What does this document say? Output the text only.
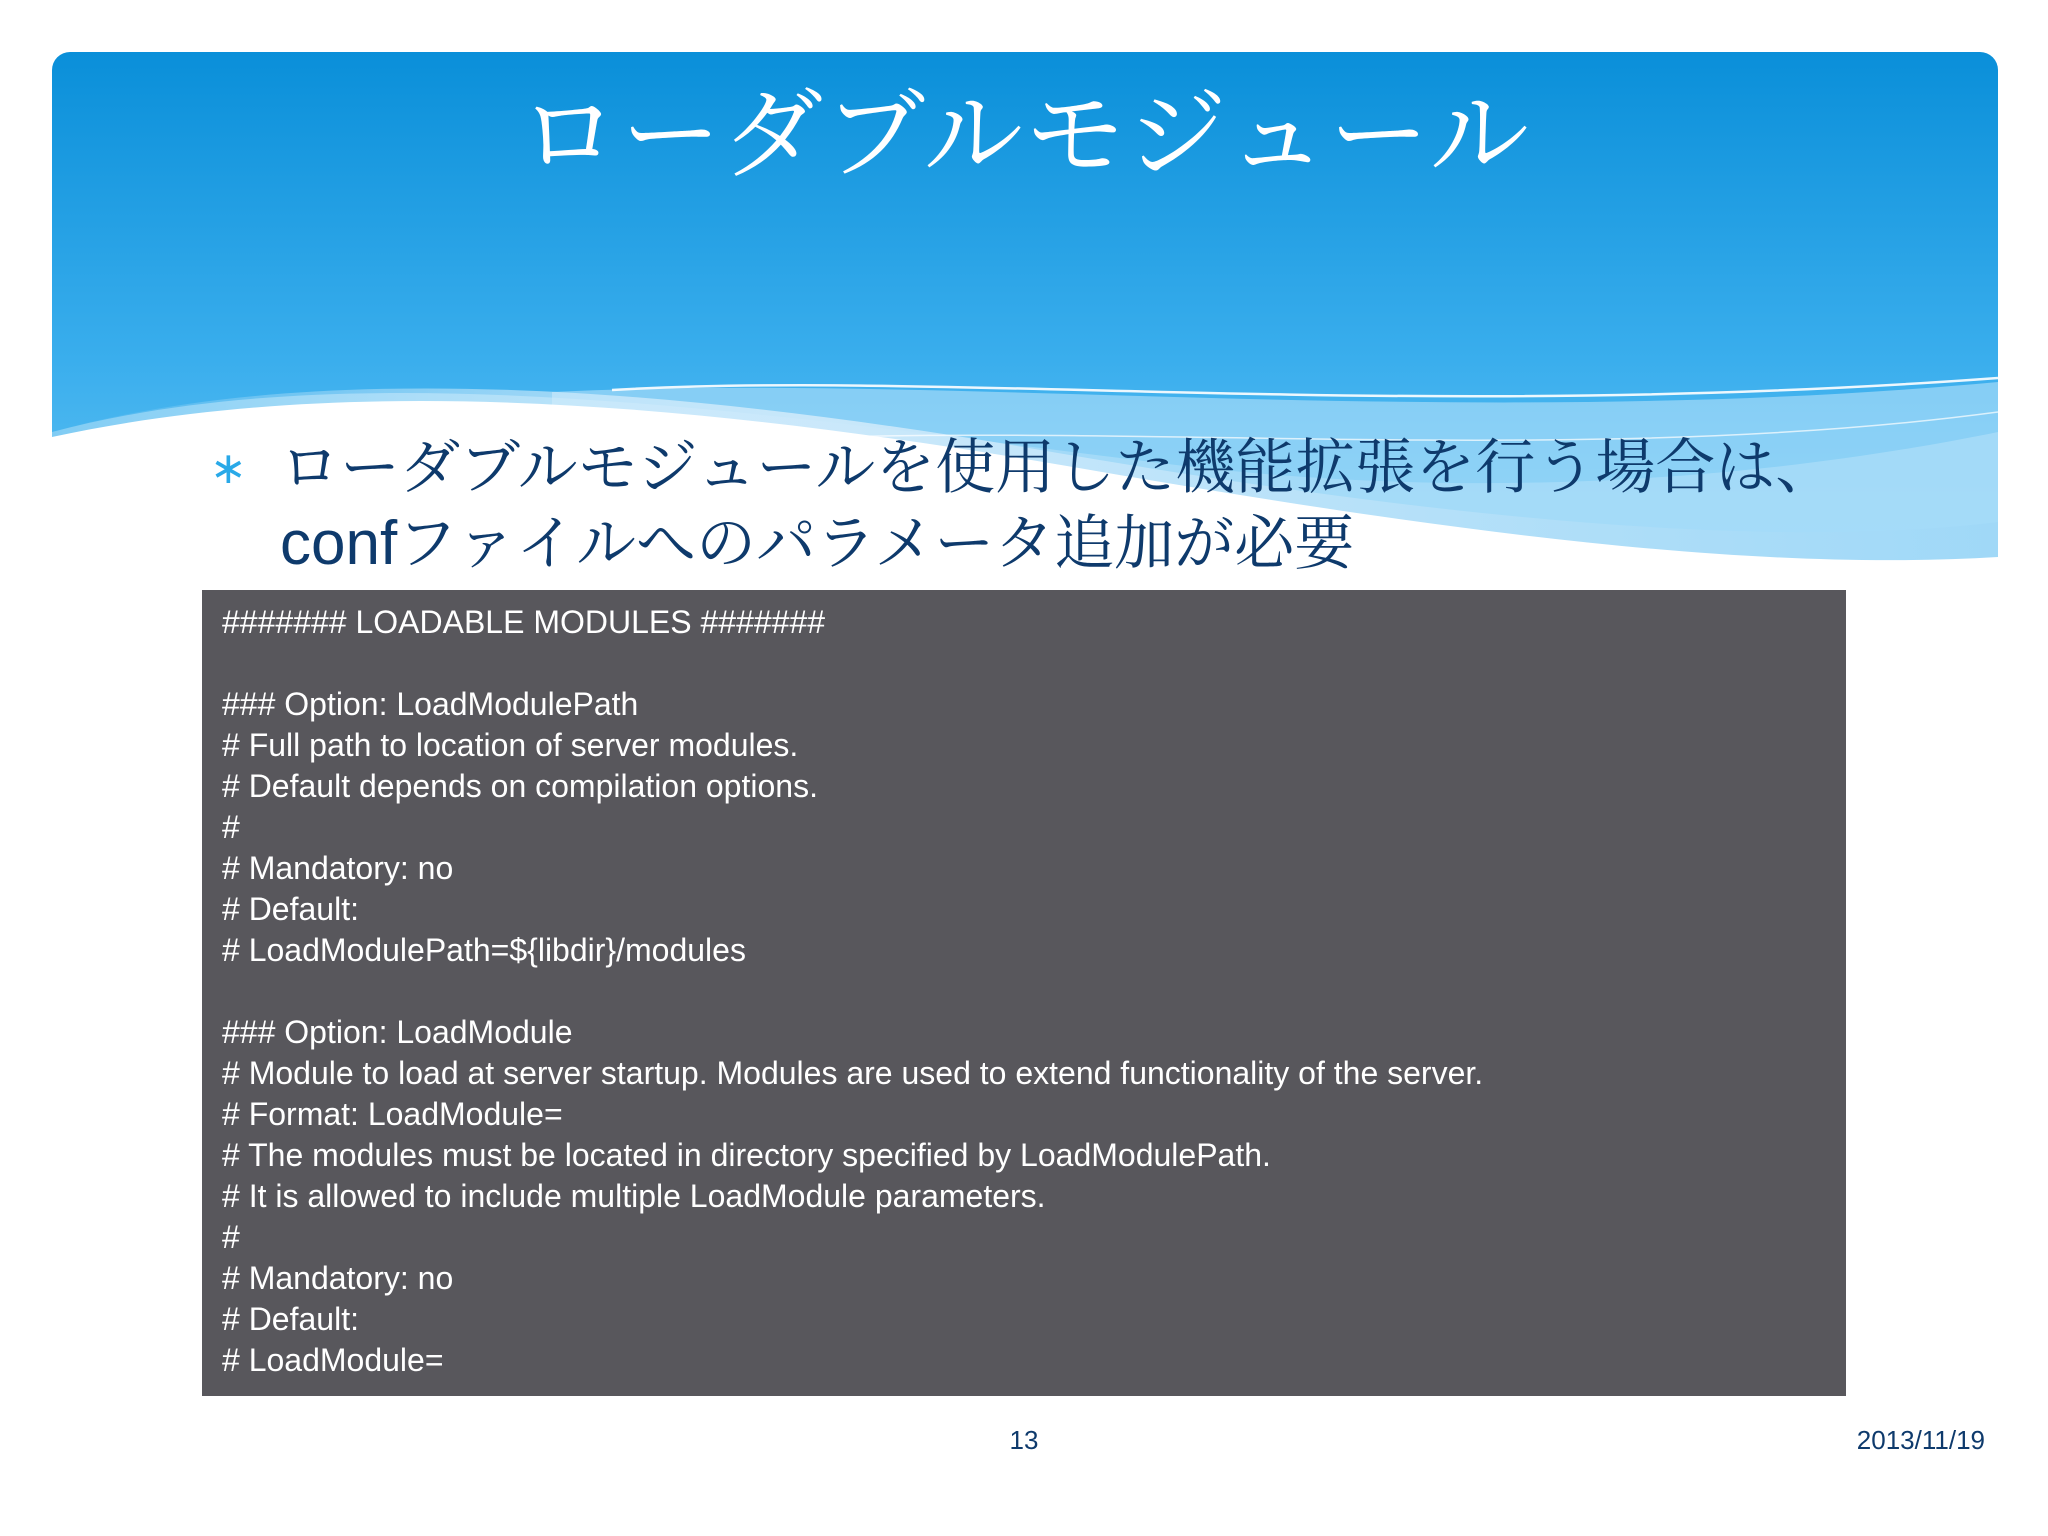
ローダブルモジュール
∗ ローダブルモジュールを使用した機能拡張を行う場合は、confファイルへのパラメータ追加が必要
####### LOADABLE MODULES #######
### Option: LoadModulePath
# Full path to location of server modules.
# Default depends on compilation options.
#
# Mandatory: no
# Default:
# LoadModulePath=${libdir}/modules
### Option: LoadModule
# Module to load at server startup. Modules are used to extend functionality of the server.
# Format: LoadModule=
# The modules must be located in directory specified by LoadModulePath.
# It is allowed to include multiple LoadModule parameters.
#
# Mandatory: no
# Default:
# LoadModule=
13	2013/11/19
